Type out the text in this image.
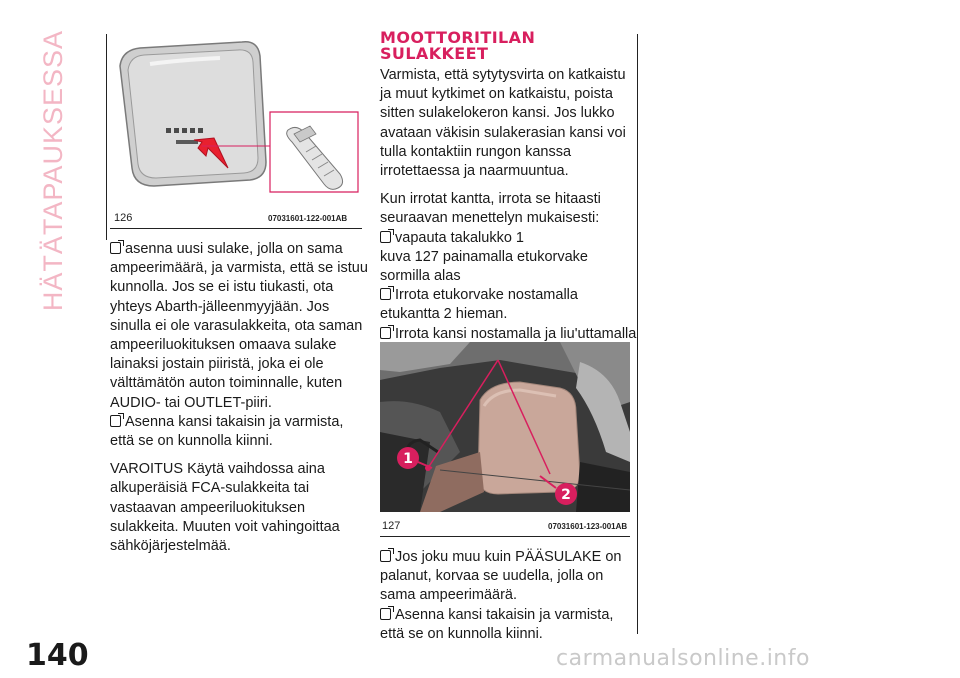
HÄTÄTAPAUKSESSA	126	07031601-122-001AB
asenna uusi sulake, jolla on sama
ampeerimäärä, ja varmista, että se istuu
kunnolla. Jos se ei istu tiukasti, ota
yhteys Abarth-jälleenmyyjään. Jos
sinulla ei ole varasulakkeita, ota saman
ampeeriluokituksen omaava sulake
lainaksi jostain piiristä, joka ei ole
välttämätön auton toiminnalle, kuten
AUDIO- tai OUTLET-piiri.
Asenna kansi takaisin ja varmista,
että se on kunnolla kiinni.
VAROITUS Käytä vaihdossa aina
alkuperäisiä FCA-sulakkeita tai
vastaavan ampeeriluokituksen
sulakkeita. Muuten voit vahingoittaa
sähköjärjestelmää.
MOOTTORITILAN
SULAKKEET
Varmista, että sytytysvirta on katkaistu
ja muut kytkimet on katkaistu, poista
sitten sulakelokeron kansi. Jos lukko
avataan väkisin sulakerasian kansi voi
tulla kontaktiin rungon kanssa
irrotettaessa ja naarmuuntua.
Kun irrotat kantta, irrota se hitaasti
seuraavan menettelyn mukaisesti:
vapauta takalukko 1
kuva 127 painamalla etukorvake
sormilla alas
Irrota etukorvake nostamalla
etukantta 2 hieman.
Irrota kansi nostamalla ja liu'uttamalla
1
2
127	07031601-123-001AB
Jos joku muu kuin PÄÄSULAKE on
palanut, korvaa se uudella, jolla on
sama ampeerimäärä.
Asenna kansi takaisin ja varmista,
että se on kunnolla kiinni.
140	carmanualsonline.info
